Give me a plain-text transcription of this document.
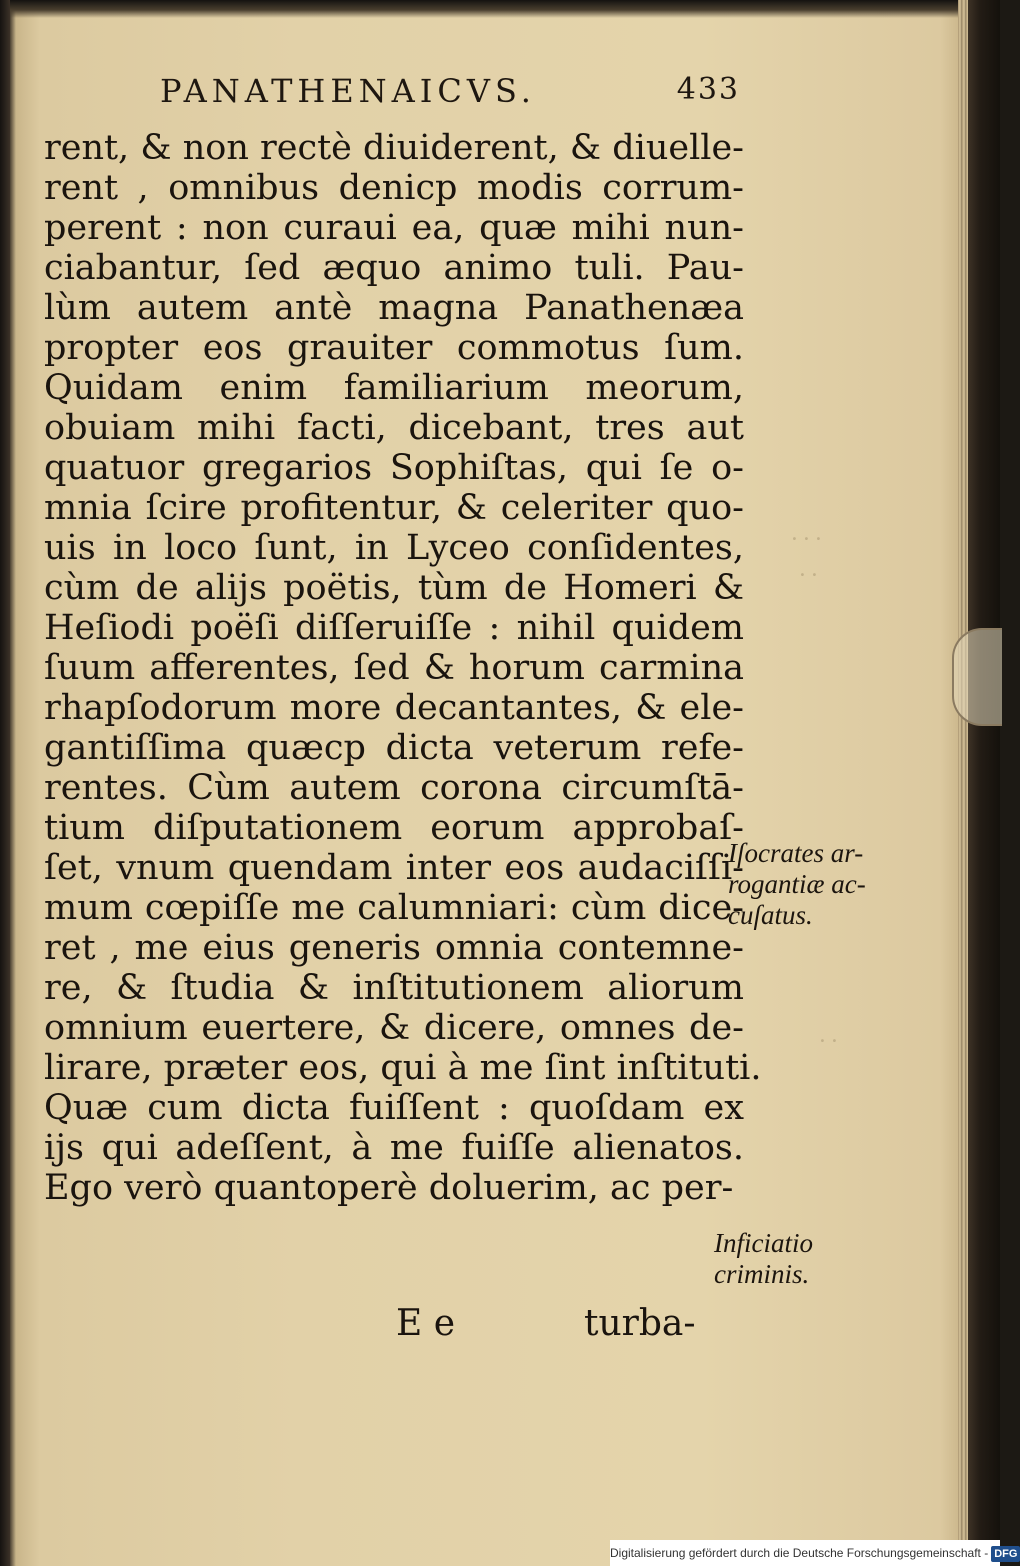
. . .
. .
. .
PANATHENAICVS.	433
rent, & non rectè diuiderent, & diuelle-
rent , omnibus denicp modis corrum-
perent : non curaui ea, quæ mihi nun-
ciabantur, ſed æquo animo tuli. Pau-
lùm autem antè magna Panathenæa
propter eos grauiter commotus ſum.
Quidam enim familiarium meorum,
obuiam mihi facti, dicebant, tres aut
quatuor gregarios Sophiſtas, qui ſe o-
mnia ſcire profitentur, & celeriter quo-
uis in loco ſunt, in Lyceo conſidentes,
cùm de alijs poëtis, tùm de Homeri &
Heſiodi poëſi diſſeruiſſe : nihil quidem
ſuum afferentes, ſed & horum carmina
rhapſodorum more decantantes, & ele-
gantiſſima quæcp dicta veterum refe-
rentes. Cùm autem corona circumſtā-
tium diſputationem eorum approbaſ-
ſet, vnum quendam inter eos audaciſſi-
mum cœpiſſe me calumniari: cùm dice-
ret , me eius generis omnia contemne-
re, & ſtudia & inſtitutionem aliorum
omnium euertere, & dicere, omnes de-
lirare, præter eos, qui à me ſint inſtituti.
Quæ cum dicta fuiſſent : quoſdam ex
ijs qui adeſſent, à me fuiſſe alienatos.
Ego verò quantoperè doluerim, ac per-
E e	turba-
Iſocrates ar-
rogantiæ ac-
cuſatus.
Inficiatio
criminis.
Digitalisierung gefördert durch die Deutsche Forschungsgemeinschaft - DFG
